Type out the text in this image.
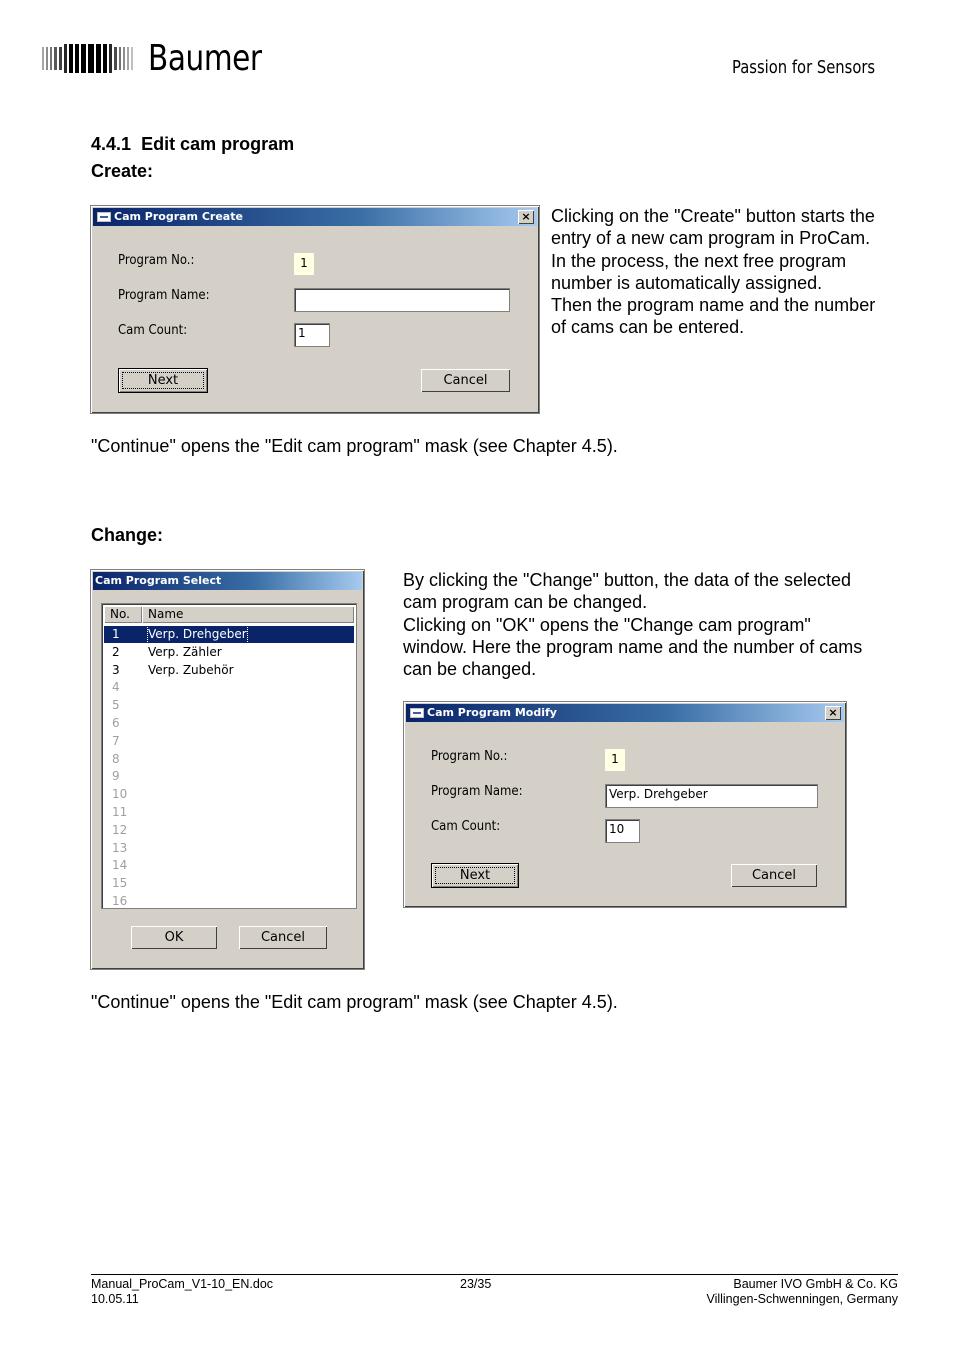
Baumer	Passion for Sensors
4.4.1 Edit cam program
Create:
Cam Program Create	×
Program No.:	1
Program Name:
Cam Count:	1
Next	Cancel
Clicking on the "Create" button starts the
entry of a new cam program in ProCam.
In the process, the next free program
number is automatically assigned.
Then the program name and the number
of cams can be entered.
"Continue" opens the "Edit cam program" mask (see Chapter 4.5).
Change:
Cam Program Select
No.	Name
1 Verp. Drehgeber
2 Verp. Zähler
3 Verp. Zubehör
4
5
6
7
8
9
10
11
12
13
14
15
16
OK	Cancel
By clicking the "Change" button, the data of the selected
cam program can be changed.
Clicking on "OK" opens the "Change cam program"
window. Here the program name and the number of cams
can be changed.
Cam Program Modify	×
Program No.:	1
Program Name:	Verp. Drehgeber
Cam Count:	10
Next	Cancel
"Continue" opens the "Edit cam program" mask (see Chapter 4.5).
Manual_ProCam_V1-10_EN.doc
10.05.11
23/35	Baumer IVO GmbH & Co. KG
Villingen-Schwenningen, Germany
